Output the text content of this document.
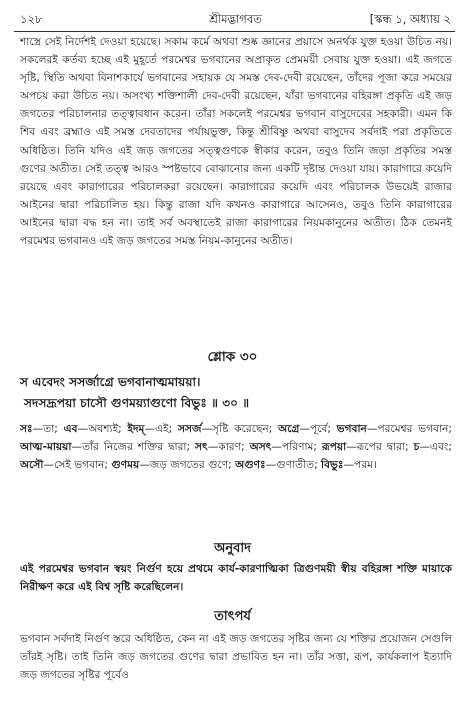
১২৮	শ্রীমদ্ভাগবত	[স্কন্ধ ১, অধ্যায় ২

শাস্ত্রে সেই নির্দেশই দেওয়া হয়েছে। সকাম কর্মে অথবা শুষ্ক জ্ঞানের প্রয়াসে অনর্থক যুক্ত হওয়া উচিত নয়। সকলেরই কর্তব্য হচ্ছে এই মুহূর্তে পরমেশ্বর ভগবানের অপ্রাকৃত প্রেমময়ী সেবায় যুক্ত হওয়া। এই জগতে সৃষ্টি, স্থিতি অথবা বিনাশকার্যে ভগবানের সহায়ক যে সমস্ত দেব-দেবী রয়েছেন, তাঁদের পূজা করে সময়ের অপচয় করা উচিত নয়। অসংখ্য শক্তিশালী দেব-দেবী রয়েছেন, যাঁরা ভগবানের বহিরঙ্গা প্রকৃতি এই জড় জগতের পরিচালনার তত্ত্বাবধান করেন। তাঁরা সকলেই পরমেশ্বর ভগবান বাসুদেবের সহকারী। এমন কি শিব এবং ব্রহ্মাও এই সমস্ত দেবতাদের পর্যায়ভুক্ত, কিন্তু শ্রীবিষ্ণু অথবা বাসুদেব সর্বদাই পরা প্রকৃতিতে অধিষ্ঠিত। তিনি যদিও এই জড় জগতের সত্ত্বগুণকে স্বীকার করেন, তবুও তিনি জড়া প্রকৃতির সমস্ত গুণের অতীত। সেই তত্ত্ব আরও স্পষ্টভাবে বোঝানোর জন্য একটি দৃষ্টান্ত দেওয়া যায়। কারাগারে কয়েদি রয়েছে এবং কারাগারের পরিচালকরা রয়েছেন। কারাগারের কয়েদি এবং পরিচালক উভয়েই রাজার আইনের দ্বারা পরিচালিত হয়। কিন্তু রাজা যদি কখনও কারাগারে আসেনও, তবুও তিনি কারাগারের আইনের দ্বারা বদ্ধ হন না। তাই সর্ব অবস্থাতেই রাজা কারাগারের নিয়মকানুনের অতীত। ঠিক তেমনই পরমেশ্বর ভগবানও এই জড় জগতের সমস্ত নিয়ম-কানুনের অতীত।

শ্লোক ৩০
স এবেদং সসর্জাগ্রে ভগবানাত্মমায়য়া।
সদসদ্রূপয়া চাসৌ গুণময়্যাগুণো বিভুঃ ॥ ৩০ ॥

সঃ—তা; এব—অবশ্যই; ইদম্—এই; সসর্জ—সৃষ্টি করেছেন; অগ্রে—পূর্বে; ভগবান—পরমেশ্বর ভগবান; আত্ম-মায়য়া—তাঁর নিজের শক্তির দ্বারা; সৎ—কারণ; অসৎ—পরিণাম; রূপয়া—রূপের দ্বারা; চ—এবং; অসৌ—সেই ভগবান; গুণময়—জড় জগতের গুণে; অগুণঃ—গুণাতীত; বিভুঃ—পরম।

অনুবাদ

এই পরমেশ্বর ভগবান স্বয়ং নির্গুণ হয়ে প্রথমে কার্য-কারণাত্মিকা ত্রিগুণময়ী স্বীয় বহিরঙ্গা শক্তি মায়াকে নিরীক্ষণ করে এই বিশ্ব সৃষ্টি করেছিলেন।

তাৎপর্য

ভগবান সর্বদাই নির্গুণ স্তরে অধিষ্ঠিত, কেন না এই জড় জগতের সৃষ্টির জন্য যে শক্তির প্রয়োজন সেগুলি তাঁরই সৃষ্টি। তাই তিনি জড় জগতের গুণের দ্বারা প্রভাবিত হন না। তাঁর সত্তা, রূপ, কার্যকলাপ ইত্যাদি জড় জগতের সৃষ্টির পূর্বেও
